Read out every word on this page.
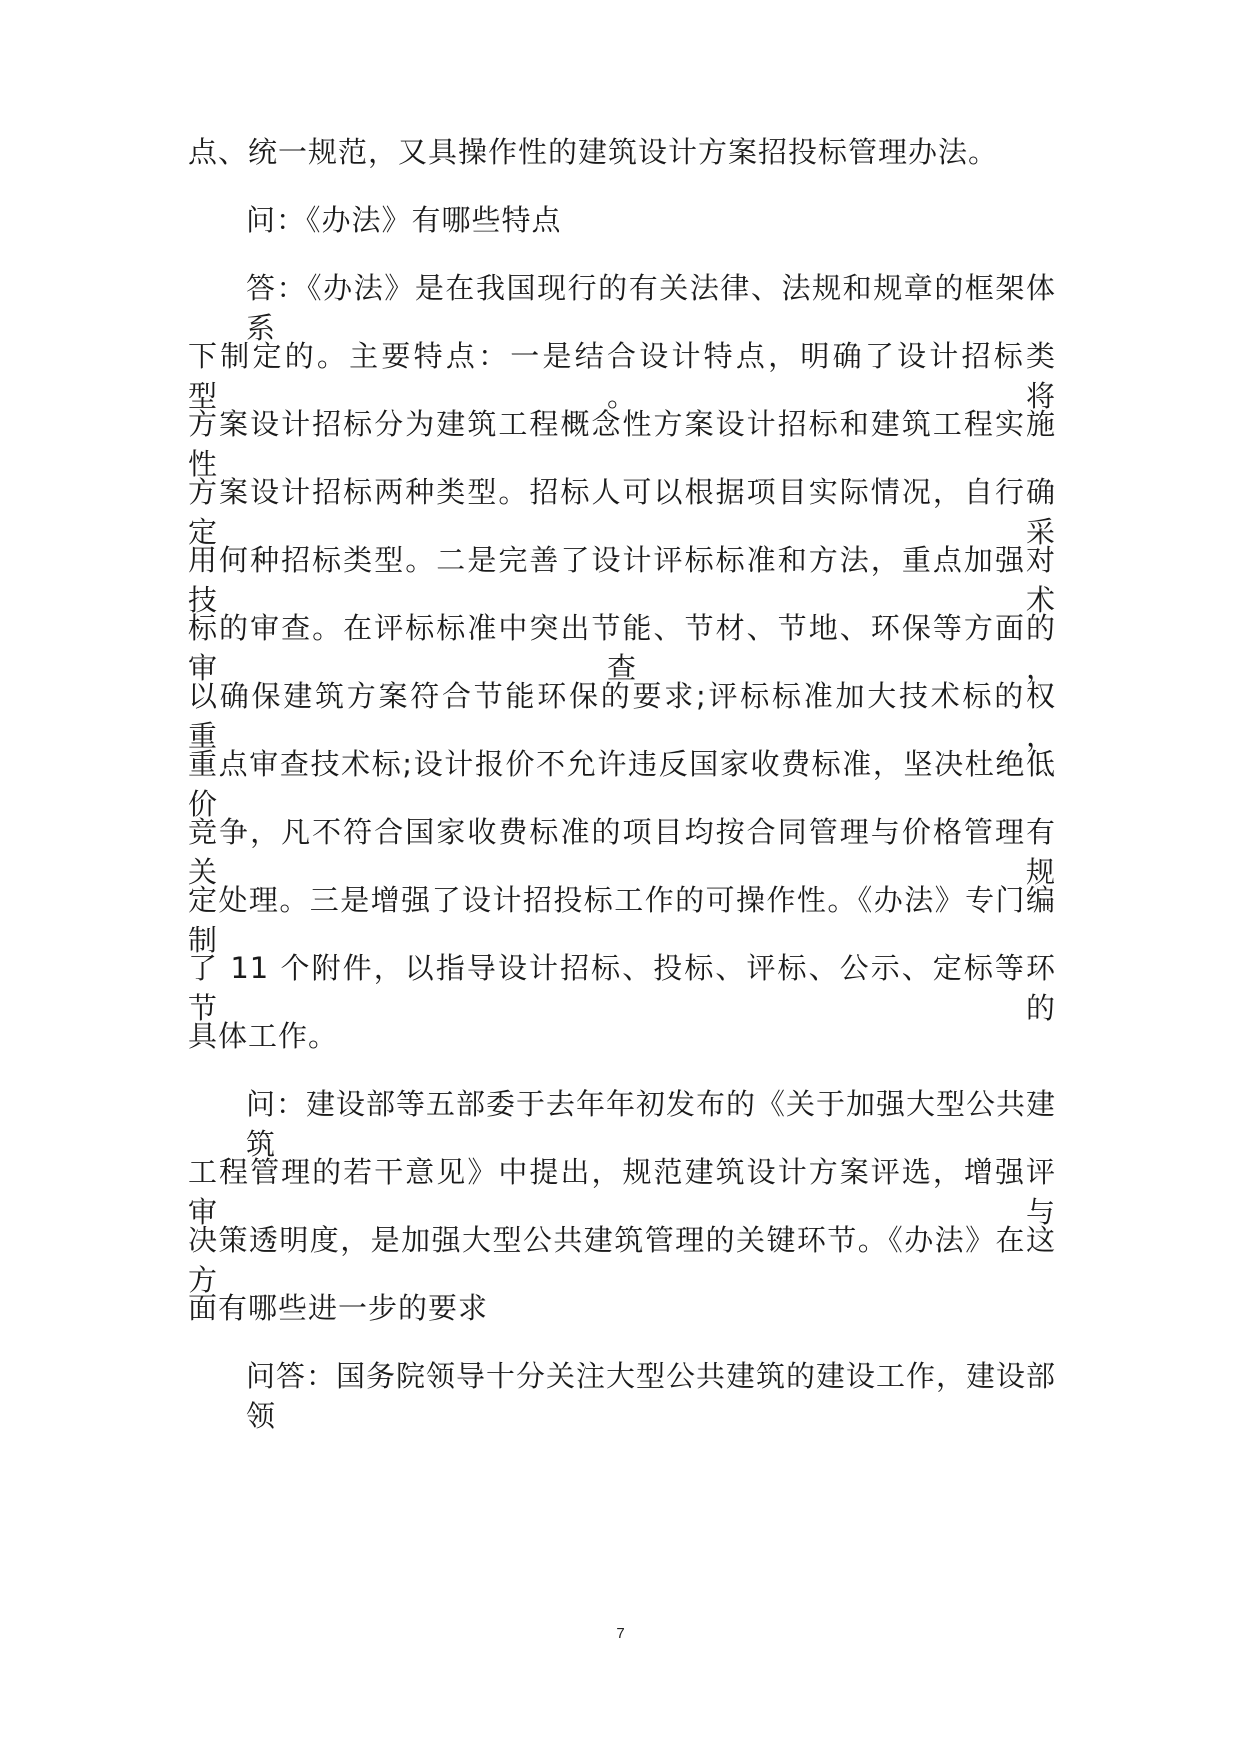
点、统一规范，又具操作性的建筑设计方案招投标管理办法。
问：《办法》有哪些特点
答：《办法》是在我国现行的有关法律、法规和规章的框架体系
下制定的。主要特点：一是结合设计特点，明确了设计招标类型。将
方案设计招标分为建筑工程概念性方案设计招标和建筑工程实施性
方案设计招标两种类型。招标人可以根据项目实际情况，自行确定采
用何种招标类型。二是完善了设计评标标准和方法，重点加强对技术
标的审查。在评标标准中突出节能、节材、节地、环保等方面的审查，
以确保建筑方案符合节能环保的要求;评标标准加大技术标的权重，
重点审查技术标;设计报价不允许违反国家收费标准，坚决杜绝低价
竞争，凡不符合国家收费标准的项目均按合同管理与价格管理有关规
定处理。三是增强了设计招投标工作的可操作性。《办法》专门编制
了 11 个附件，以指导设计招标、投标、评标、公示、定标等环节的
具体工作。
问：建设部等五部委于去年年初发布的《关于加强大型公共建筑
工程管理的若干意见》中提出，规范建筑设计方案评选，增强评审与
决策透明度，是加强大型公共建筑管理的关键环节。《办法》在这方
面有哪些进一步的要求
问答：国务院领导十分关注大型公共建筑的建设工作，建设部领
7
